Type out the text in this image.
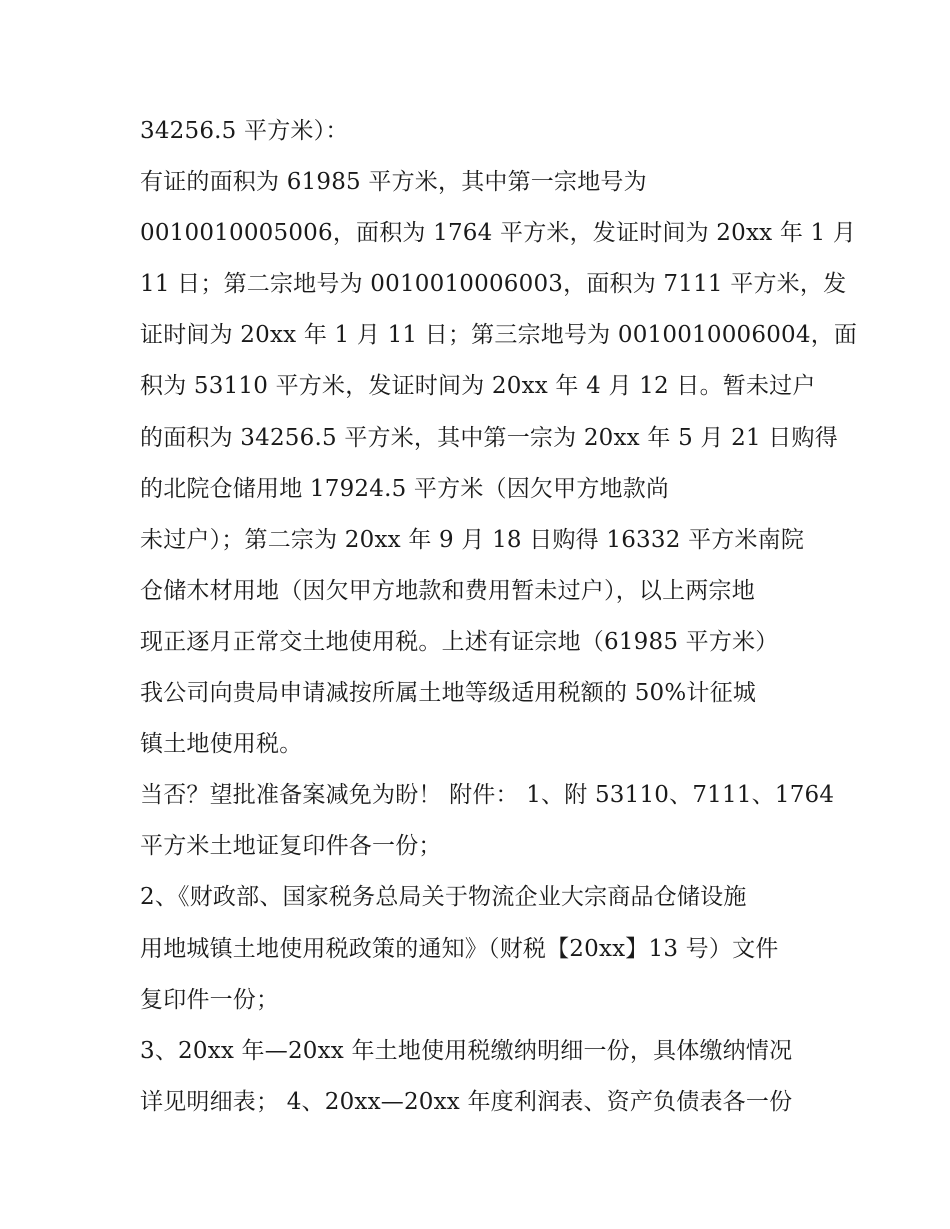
34256.5 平方米）：
有证的面积为 61985 平方米，其中第一宗地号为
0010010005006，面积为 1764 平方米，发证时间为 20xx 年 1 月
11 日；第二宗地号为 0010010006003，面积为 7111 平方米，发
证时间为 20xx 年 1 月 11 日；第三宗地号为 0010010006004，面
积为 53110 平方米，发证时间为 20xx 年 4 月 12 日。暂未过户
的面积为 34256.5 平方米，其中第一宗为 20xx 年 5 月 21 日购得
的北院仓储用地 17924.5 平方米（因欠甲方地款尚
未过户）；第二宗为 20xx 年 9 月 18 日购得 16332 平方米南院
仓储木材用地（因欠甲方地款和费用暂未过户），以上两宗地
现正逐月正常交土地使用税。上述有证宗地（61985 平方米）
我公司向贵局申请减按所属土地等级适用税额的 50%计征城
镇土地使用税。
当否？望批准备案减免为盼！ 附件： 1、附 53110、7111、1764
平方米土地证复印件各一份；
2、《财政部、国家税务总局关于物流企业大宗商品仓储设施
用地城镇土地使用税政策的通知》（财税【20xx】13 号）文件
复印件一份；
3、20xx 年—20xx 年土地使用税缴纳明细一份，具体缴纳情况
详见明细表； 4、20xx—20xx 年度利润表、资产负债表各一份
